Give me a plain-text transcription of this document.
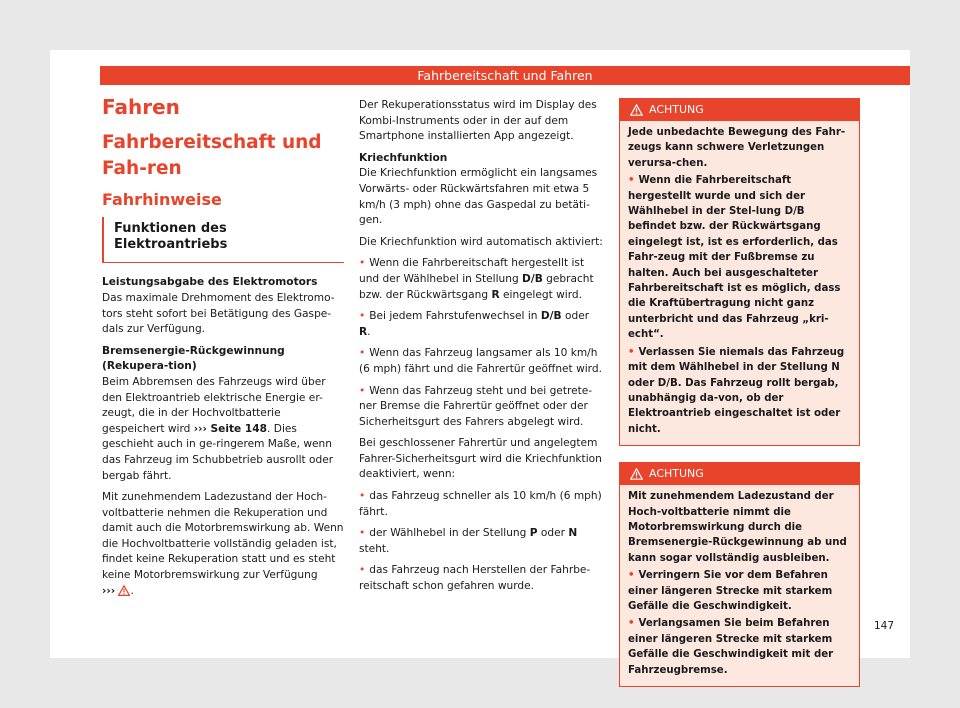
Fahrbereitschaft und Fahren
Fahren
Fahrbereitschaft und Fah-ren
Fahrhinweise
Funktionen des Elektroantriebs

Leistungsabgabe des Elektromotors

Das maximale Drehmoment des Elektromo-tors steht sofort bei Betätigung des Gaspe-dals zur Verfügung.

Bremsenergie-Rückgewinnung (Rekupera-tion)

Beim Abbremsen des Fahrzeugs wird über den Elektroantrieb elektrische Energie er-zeugt, die in der Hochvoltbatterie gespeichert wird ››› Seite 148. Dies geschieht auch in ge-ringerem Maße, wenn das Fahrzeug im Schubbetrieb ausrollt oder bergab fährt.

Mit zunehmendem Ladezustand der Hoch-voltbatterie nehmen die Rekuperation und damit auch die Motorbremswirkung ab. Wenn die Hochvoltbatterie vollständig geladen ist, findet keine Rekuperation statt und es steht keine Motorbremswirkung zur Verfügung
››› .

Der Rekuperationsstatus wird im Display des Kombi-Instruments oder in der auf dem Smartphone installierten App angezeigt.

Kriechfunktion

Die Kriechfunktion ermöglicht ein langsames Vorwärts- oder Rückwärtsfahren mit etwa 5 km/h (3 mph) ohne das Gaspedal zu betäti-gen.

Die Kriechfunktion wird automatisch aktiviert:

• Wenn die Fahrbereitschaft hergestellt ist und der Wählhebel in Stellung D/B gebracht bzw. der Rückwärtsgang R eingelegt wird.

• Bei jedem Fahrstufenwechsel in D/B oder R.

• Wenn das Fahrzeug langsamer als 10 km/h (6 mph) fährt und die Fahrertür geöffnet wird.

• Wenn das Fahrzeug steht und bei getrete-ner Bremse die Fahrertür geöffnet oder der Sicherheitsgurt des Fahrers abgelegt wird.

Bei geschlossener Fahrertür und angelegtem Fahrer-Sicherheitsgurt wird die Kriechfunktion deaktiviert, wenn:

• das Fahrzeug schneller als 10 km/h (6 mph) fährt.

• der Wählhebel in der Stellung P oder N steht.

• das Fahrzeug nach Herstellen der Fahrbe-reitschaft schon gefahren wurde.

ACHTUNG

Jede unbedachte Bewegung des Fahr-zeugs kann schwere Verletzungen verursa-chen.

• Wenn die Fahrbereitschaft hergestellt wurde und sich der Wählhebel in der Stel-lung D/B befindet bzw. der Rückwärtsgang eingelegt ist, ist es erforderlich, das Fahr-zeug mit der Fußbremse zu halten. Auch bei ausgeschalteter Fahrbereitschaft ist es möglich, dass die Kraftübertragung nicht ganz unterbricht und das Fahrzeug „kri-echt“.

• Verlassen Sie niemals das Fahrzeug mit dem Wählhebel in der Stellung N oder D/B. Das Fahrzeug rollt bergab, unabhängig da-von, ob der Elektroantrieb eingeschaltet ist oder nicht.

ACHTUNG

Mit zunehmendem Ladezustand der Hoch-voltbatterie nimmt die Motorbremswirkung durch die Bremsenergie-Rückgewinnung ab und kann sogar vollständig ausbleiben.

• Verringern Sie vor dem Befahren einer längeren Strecke mit starkem Gefälle die Geschwindigkeit.

• Verlangsamen Sie beim Befahren einer längeren Strecke mit starkem Gefälle die Geschwindigkeit mit der Fahrzeugbremse.

147
